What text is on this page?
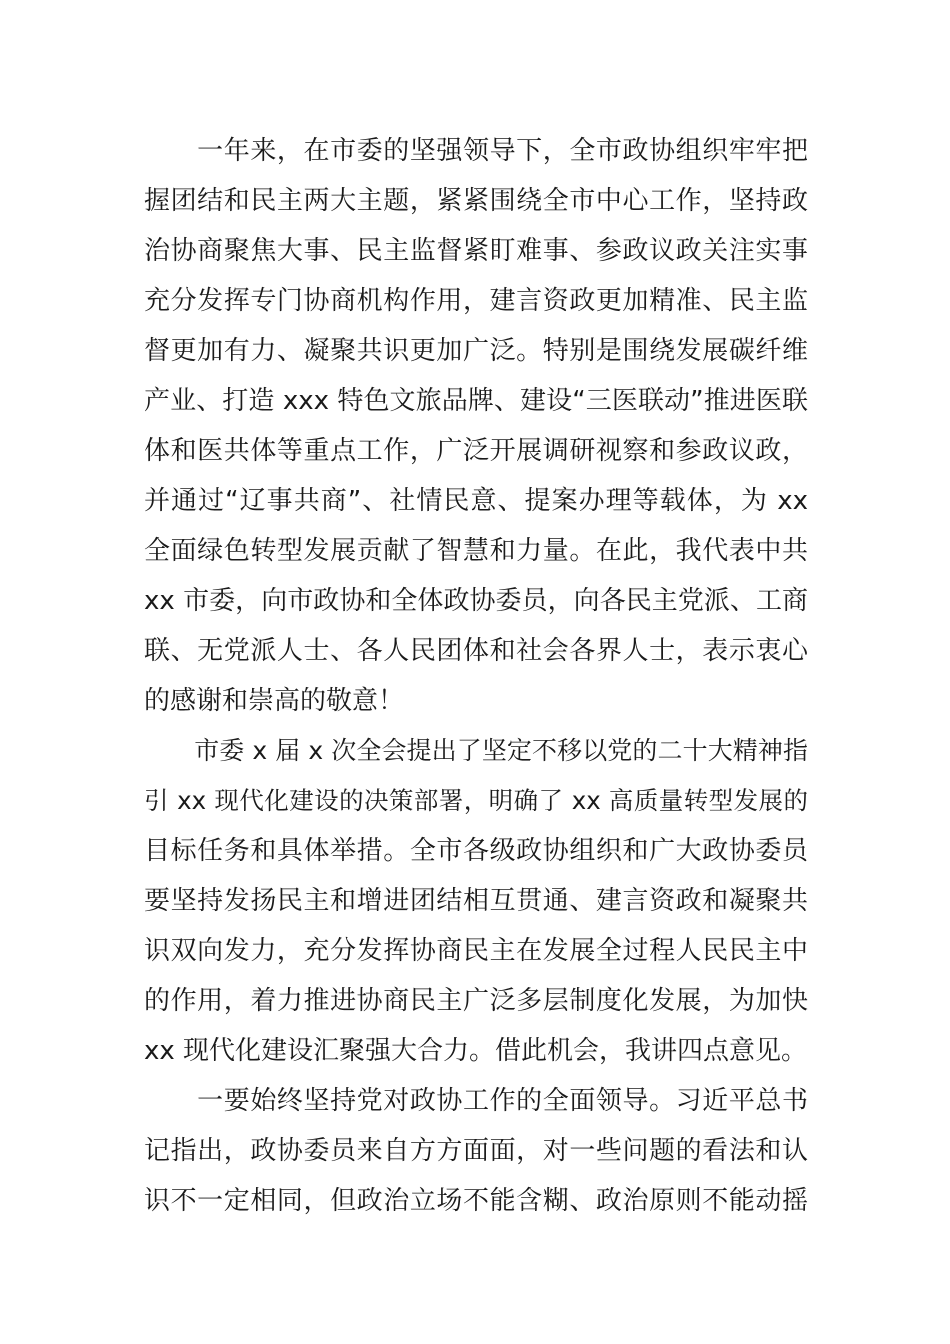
　　一年来，在市委的坚强领导下，全市政协组织牢牢把
握团结和民主两大主题，紧紧围绕全市中心工作，坚持政
治协商聚焦大事、民主监督紧盯难事、参政议政关注实事
充分发挥专门协商机构作用，建言资政更加精准、民主监
督更加有力、凝聚共识更加广泛。特别是围绕发展碳纤维
产业、打造 xxx 特色文旅品牌、建设“三医联动”推进医联
体和医共体等重点工作，广泛开展调研视察和参政议政，
并通过“辽事共商”、社情民意、提案办理等载体，为 xx
全面绿色转型发展贡献了智慧和力量。在此，我代表中共
xx 市委，向市政协和全体政协委员，向各民主党派、工商
联、无党派人士、各人民团体和社会各界人士，表示衷心
的感谢和崇高的敬意！
　　市委 x 届 x 次全会提出了坚定不移以党的二十大精神指
引 xx 现代化建设的决策部署，明确了 xx 高质量转型发展的
目标任务和具体举措。全市各级政协组织和广大政协委员
要坚持发扬民主和增进团结相互贯通、建言资政和凝聚共
识双向发力，充分发挥协商民主在发展全过程人民民主中
的作用，着力推进协商民主广泛多层制度化发展，为加快
xx 现代化建设汇聚强大合力。借此机会，我讲四点意见。
　　一要始终坚持党对政协工作的全面领导。习近平总书
记指出，政协委员来自方方面面，对一些问题的看法和认
识不一定相同，但政治立场不能含糊、政治原则不能动摇
